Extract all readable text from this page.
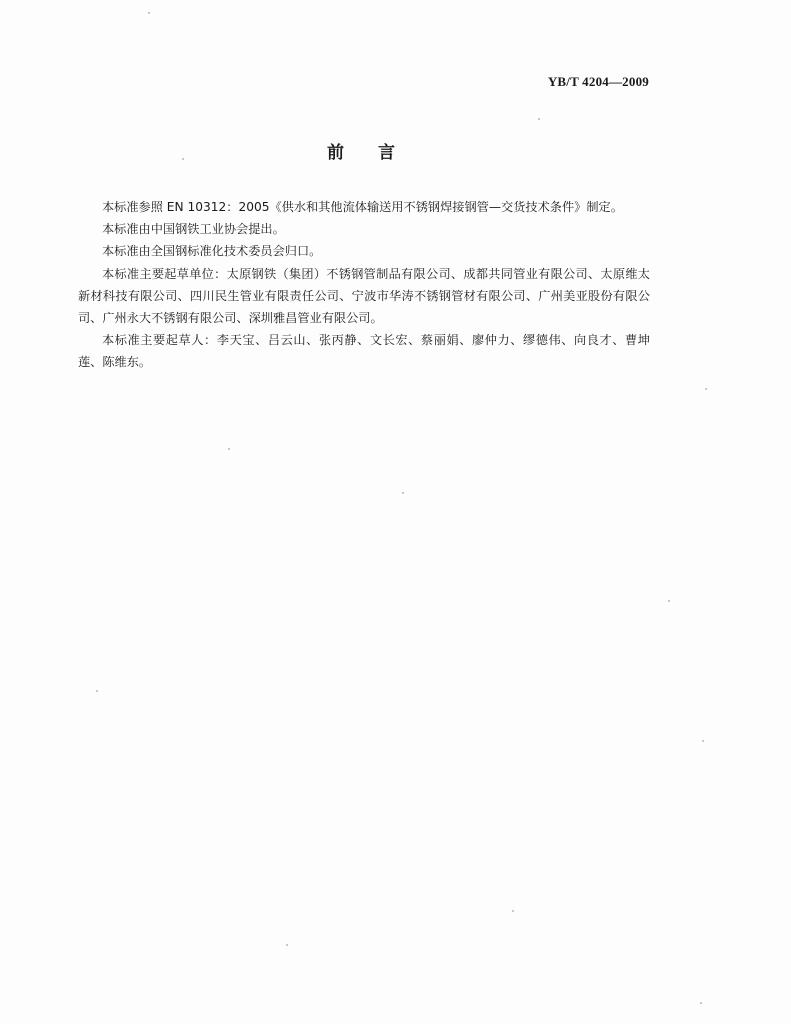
YB/T 4204—2009
前言

本标准参照 EN 10312：2005《供水和其他流体输送用不锈钢焊接钢管—交货技术条件》制定。

本标准由中国钢铁工业协会提出。

本标准由全国钢标准化技术委员会归口。

本标准主要起草单位：太原钢铁（集团）不锈钢管制品有限公司、成都共同管业有限公司、太原维太新材科技有限公司、四川民生管业有限责任公司、宁波市华涛不锈钢管材有限公司、广州美亚股份有限公司、广州永大不锈钢有限公司、深圳雅昌管业有限公司。

本标准主要起草人：李天宝、吕云山、张丙静、文长宏、蔡丽娟、廖仲力、缪德伟、向良才、曹坤莲、陈维东。
